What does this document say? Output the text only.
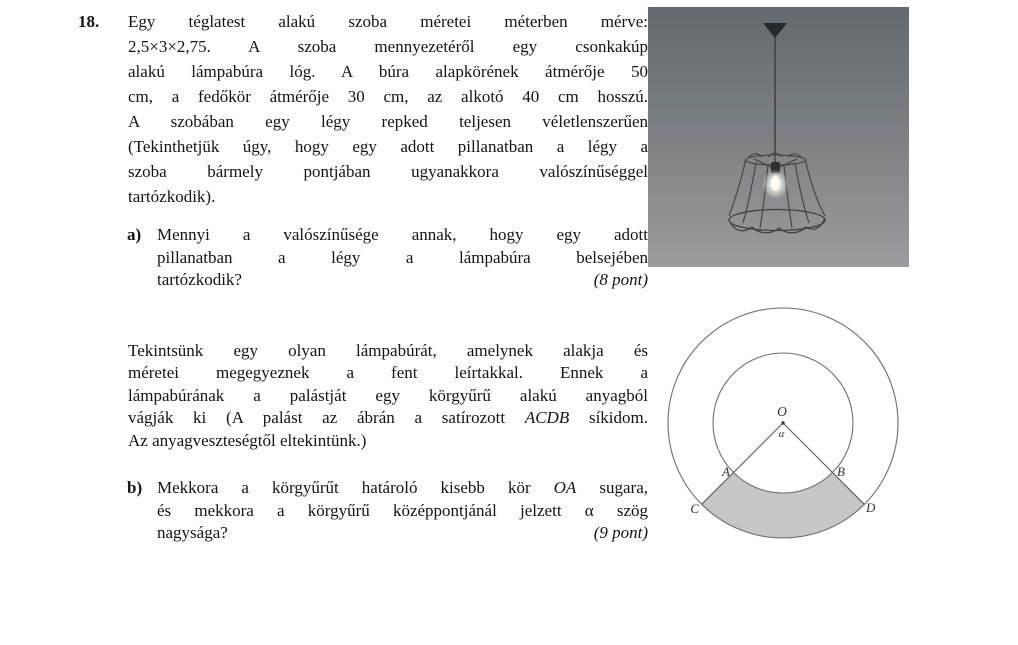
18. Egy téglatest alakú szoba méretei méterben mérve:
2,5×3×2,75. A szoba mennyezetéről egy csonkakúp
alakú lámpabúra lóg. A búra alapkörének átmérője 50
cm, a fedőkör átmérője 30 cm, az alkotó 40 cm hosszú.
A szobában egy légy repked teljesen véletlenszerűen
(Tekinthetjük úgy, hogy egy adott pillanatban a légy a
szoba bármely pontjában ugyanakkora valószínűséggel
tartózkodik).
a) Mennyi a valószínűsége annak, hogy egy adott
pillanatban a légy a lámpabúra belsejében
tartózkodik?	(8 pont)
Tekintsünk egy olyan lámpabúrát, amelynek alakja és
méretei megegyeznek a fent leírtakkal. Ennek a
lámpabúrának a palástját egy körgyűrű alakú anyagból
vágják ki (A palást az ábrán a satírozott ACDB síkidom.
Az anyagveszteségtől eltekintünk.)
b) Mekkora a körgyűrűt határoló kisebb kör OA sugara,
és mekkora a körgyűrű középpontjánál jelzett α szög
nagysága?	(9 pont)
O
α
A	B
C	D
